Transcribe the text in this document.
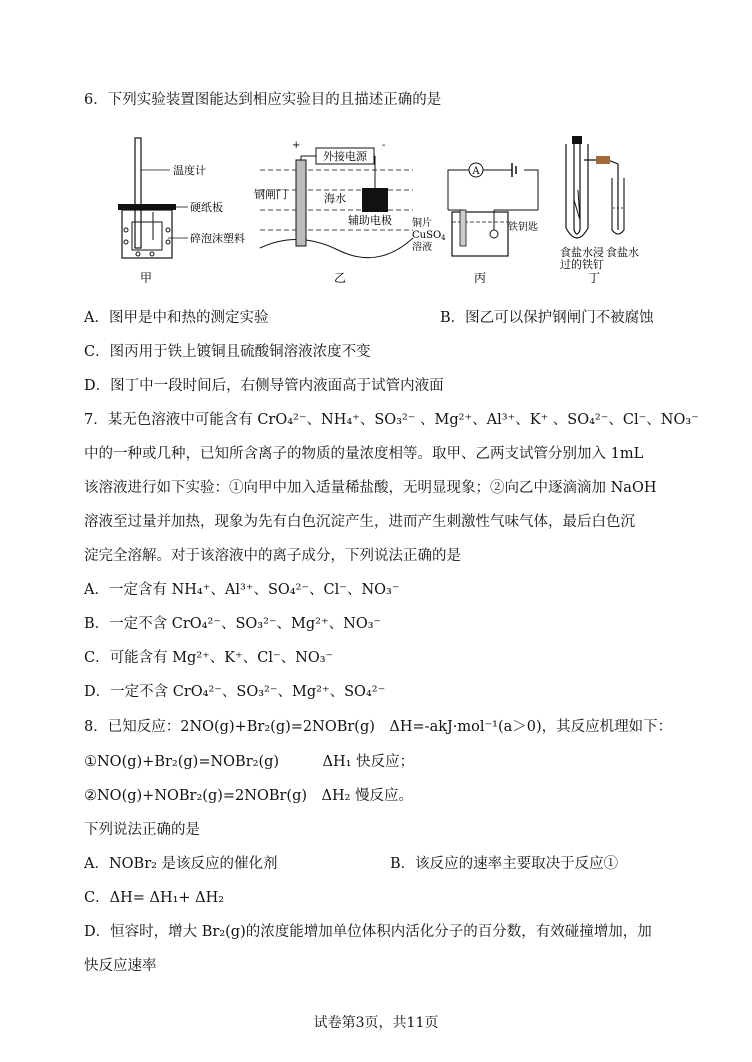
6．下列实验装置图能达到相应实验目的且描述正确的是
温度计
硬纸板
碎泡沫塑料
甲
外接电源
+	-
钢闸门	海水
辅助电极
乙
A
铜片
CuSO$_4$
溶液
铁钥匙
丙
食盐水浸
过的铁钉
食盐水
丁
A．图甲是中和热的测定实验	B．图乙可以保护钢闸门不被腐蚀
C．图丙用于铁上镀铜且硫酸铜溶液浓度不变
D．图丁中一段时间后，右侧导管内液面高于试管内液面
7．某无色溶液中可能含有 CrO₄²⁻、NH₄⁺、SO₃²⁻ 、Mg²⁺、Al³⁺、K⁺ 、SO₄²⁻、Cl⁻、NO₃⁻
中的一种或几种，已知所含离子的物质的量浓度相等。取甲、乙两支试管分别加入 1mL
该溶液进行如下实验：①向甲中加入适量稀盐酸，无明显现象；②向乙中逐滴滴加 NaOH
溶液至过量并加热，现象为先有白色沉淀产生，进而产生刺激性气味气体，最后白色沉
淀完全溶解。对于该溶液中的离子成分，下列说法正确的是
A．一定含有 NH₄⁺、Al³⁺、SO₄²⁻、Cl⁻、NO₃⁻
B．一定不含 CrO₄²⁻、SO₃²⁻、Mg²⁺、NO₃⁻
C．可能含有 Mg²⁺、K⁺、Cl⁻、NO₃⁻
D．一定不含 CrO₄²⁻、SO₃²⁻、Mg²⁺、SO₄²⁻
8．已知反应：2NO(g)+Br₂(g)=2NOBr(g)　ΔH=-akJ·mol⁻¹(a＞0)，其反应机理如下：
①NO(g)+Br₂(g)=NOBr₂(g)　　　ΔH₁ 快反应；
②NO(g)+NOBr₂(g)=2NOBr(g)　ΔH₂ 慢反应。
下列说法正确的是
A．NOBr₂ 是该反应的催化剂	B．该反应的速率主要取决于反应①
C．ΔH= ΔH₁+ ΔH₂
D．恒容时，增大 Br₂(g)的浓度能增加单位体积内活化分子的百分数，有效碰撞增加，加
快反应速率
试卷第3页，共11页
